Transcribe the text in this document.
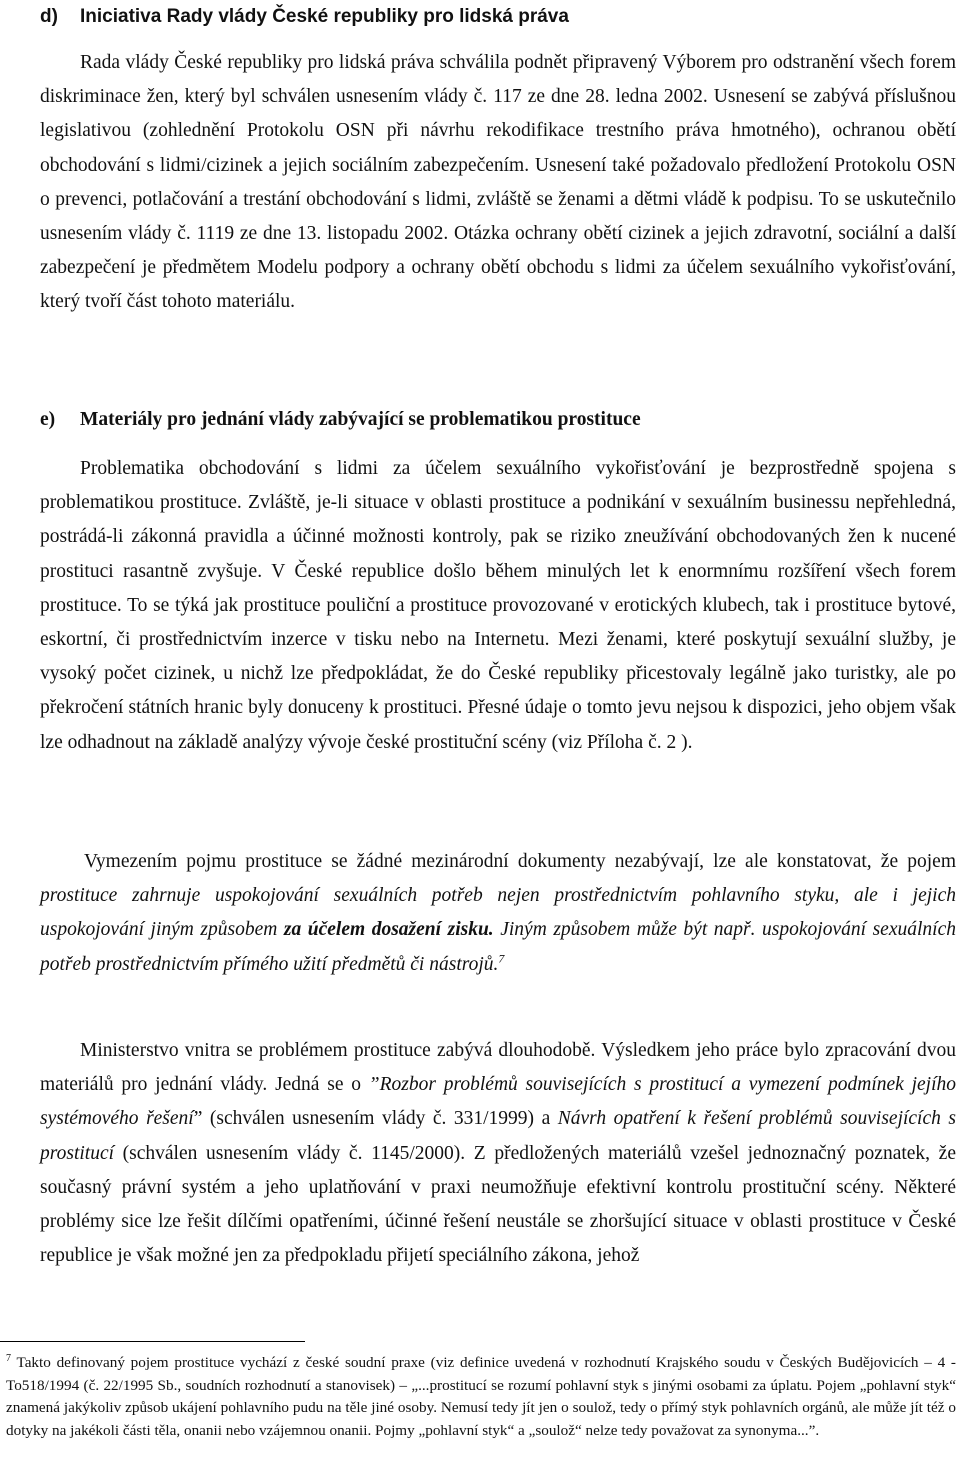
d) Iniciativa Rady vlády České republiky pro lidská práva

Rada vlády České republiky pro lidská práva schválila podnět připravený Výborem pro odstranění všech forem diskriminace žen, který byl schválen usnesením vlády č. 117 ze dne 28. ledna 2002. Usnesení se zabývá příslušnou legislativou (zohlednění Protokolu OSN při návrhu rekodifikace trestního práva hmotného), ochranou obětí obchodování s lidmi/cizinek a jejich sociálním zabezpečením. Usnesení také požadovalo předložení Protokolu OSN o prevenci, potlačování a trestání obchodování s lidmi, zvláště se ženami a dětmi vládě k podpisu. To se uskutečnilo usnesením vlády č. 1119 ze dne 13. listopadu 2002. Otázka ochrany obětí cizinek a jejich zdravotní, sociální a další zabezpečení je předmětem Modelu podpory a ochrany obětí obchodu s lidmi za účelem sexuálního vykořisťování, který tvoří část tohoto materiálu.

e) Materiály pro jednání vlády zabývající se problematikou prostituce

Problematika obchodování s lidmi za účelem sexuálního vykořisťování je bezprostředně spojena s problematikou prostituce. Zvláště, je-li situace v oblasti prostituce a podnikání v sexuálním businessu nepřehledná, postrádá-li zákonná pravidla a účinné možnosti kontroly, pak se riziko zneužívání obchodovaných žen k nucené prostituci rasantně zvyšuje. V České republice došlo během minulých let k enormnímu rozšíření všech forem prostituce. To se týká jak prostituce pouliční a prostituce provozované v erotických klubech, tak i prostituce bytové, eskortní, či prostřednictvím inzerce v tisku nebo na Internetu. Mezi ženami, které poskytují sexuální služby, je vysoký počet cizinek, u nichž lze předpokládat, že do České republiky přicestovaly legálně jako turistky, ale po překročení státních hranic byly donuceny k prostituci. Přesné údaje o tomto jevu nejsou k dispozici, jeho objem však lze odhadnout na základě analýzy vývoje české prostituční scény (viz Příloha č. 2 ).

Vymezením pojmu prostituce se žádné mezinárodní dokumenty nezabývají, lze ale konstatovat, že pojem prostituce zahrnuje uspokojování sexuálních potřeb nejen prostřednictvím pohlavního styku, ale i jejich uspokojování jiným způsobem za účelem dosažení zisku. Jiným způsobem může být např. uspokojování sexuálních potřeb prostřednictvím přímého užití předmětů či nástrojů.$^7$

Ministerstvo vnitra se problémem prostituce zabývá dlouhodobě. Výsledkem jeho práce bylo zpracování dvou materiálů pro jednání vlády. Jedná se o ”Rozbor problémů souvisejících s prostitucí a vymezení podmínek jejího systémového řešení” (schválen usnesením vlády č. 331/1999) a Návrh opatření k řešení problémů souvisejících s prostitucí (schválen usnesením vlády č. 1145/2000). Z předložených materiálů vzešel jednoznačný poznatek, že současný právní systém a jeho uplatňování v praxi neumožňuje efektivní kontrolu prostituční scény. Některé problémy sice lze řešit dílčími opatřeními, účinné řešení neustále se zhoršující situace v oblasti prostituce v České republice je však možné jen za předpokladu přijetí speciálního zákona, jehož

$^7$ Takto definovaný pojem prostituce vychází z české soudní praxe (viz definice uvedená v rozhodnutí Krajského soudu v Českých Budějovicích – 4 - To518/1994 (č. 22/1995 Sb., soudních rozhodnutí a stanovisek) – „...prostitucí se rozumí pohlavní styk s jinými osobami za úplatu. Pojem „pohlavní styk“ znamená jakýkoliv způsob ukájení pohlavního pudu na těle jiné osoby. Nemusí tedy jít jen o soulož, tedy o přímý styk pohlavních orgánů, ale může jít též o dotyky na jakékoli části těla, onanii nebo vzájemnou onanii. Pojmy „pohlavní styk“ a „soulož“ nelze tedy považovat za synonyma...”.
